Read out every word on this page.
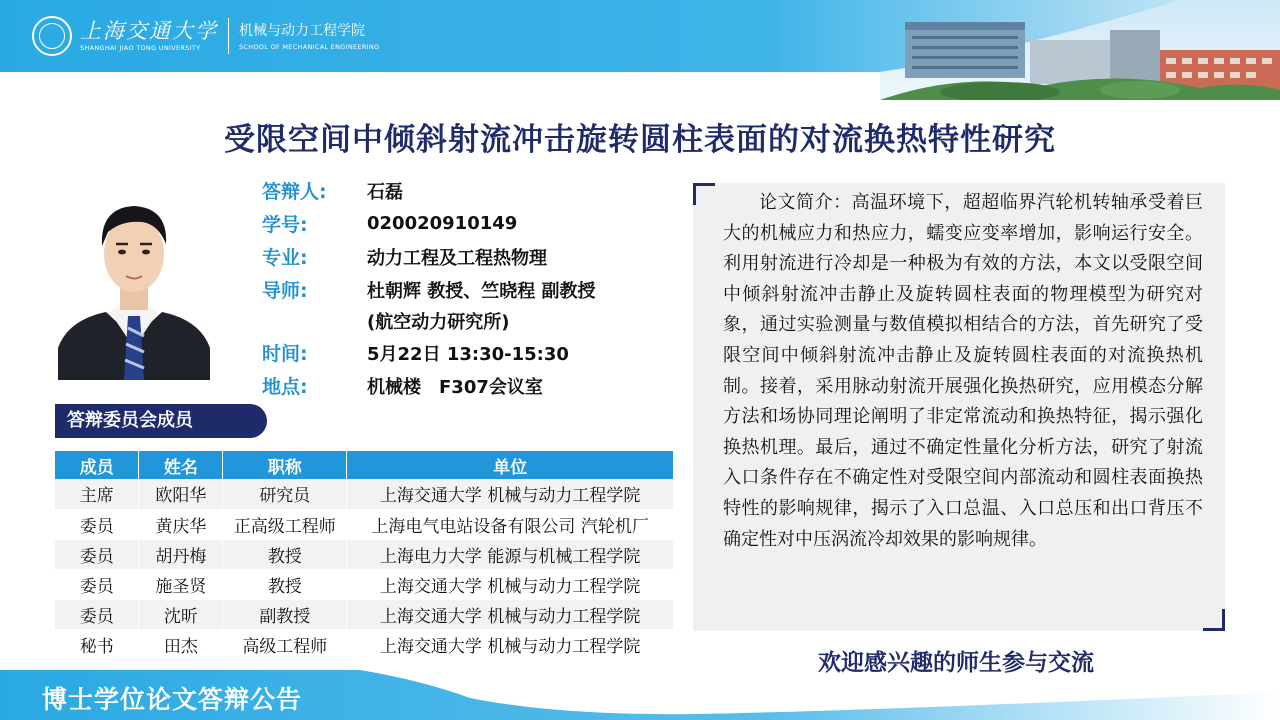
上海交通大学
SHANGHAI JIAO TONG UNIVERSITY
机械与动力工程学院
SCHOOL OF MECHANICAL ENGINEERING
受限空间中倾斜射流冲击旋转圆柱表面的对流换热特性研究
答辩人:	石磊
学号:	020020910149
专业:	动力工程及工程热物理
导师:	杜朝辉 教授、竺晓程 副教授
(航空动力研究所)
时间:	5月22日 13:30-15:30
地点:	机械楼　F307会议室
答辩委员会成员
成员	姓名	职称	单位
主席	欧阳华	研究员	上海交通大学 机械与动力工程学院
委员	黄庆华	正高级工程师	上海电气电站设备有限公司 汽轮机厂
委员	胡丹梅	教授	上海电力大学 能源与机械工程学院
委员	施圣贤	教授	上海交通大学 机械与动力工程学院
委员	沈昕	副教授	上海交通大学 机械与动力工程学院
秘书	田杰	高级工程师	上海交通大学 机械与动力工程学院
论文简介：高温环境下，超超临界汽轮机转轴承受着巨大的机械应力和热应力，蠕变应变率增加，影响运行安全。利用射流进行冷却是一种极为有效的方法，本文以受限空间中倾斜射流冲击静止及旋转圆柱表面的物理模型为研究对象，通过实验测量与数值模拟相结合的方法，首先研究了受限空间中倾斜射流冲击静止及旋转圆柱表面的对流换热机制。接着，采用脉动射流开展强化换热研究，应用模态分解方法和场协同理论阐明了非定常流动和换热特征，揭示强化换热机理。最后，通过不确定性量化分析方法，研究了射流入口条件存在不确定性对受限空间内部流动和圆柱表面换热特性的影响规律，揭示了入口总温、入口总压和出口背压不确定性对中压涡流冷却效果的影响规律。
欢迎感兴趣的师生参与交流
博士学位论文答辩公告
